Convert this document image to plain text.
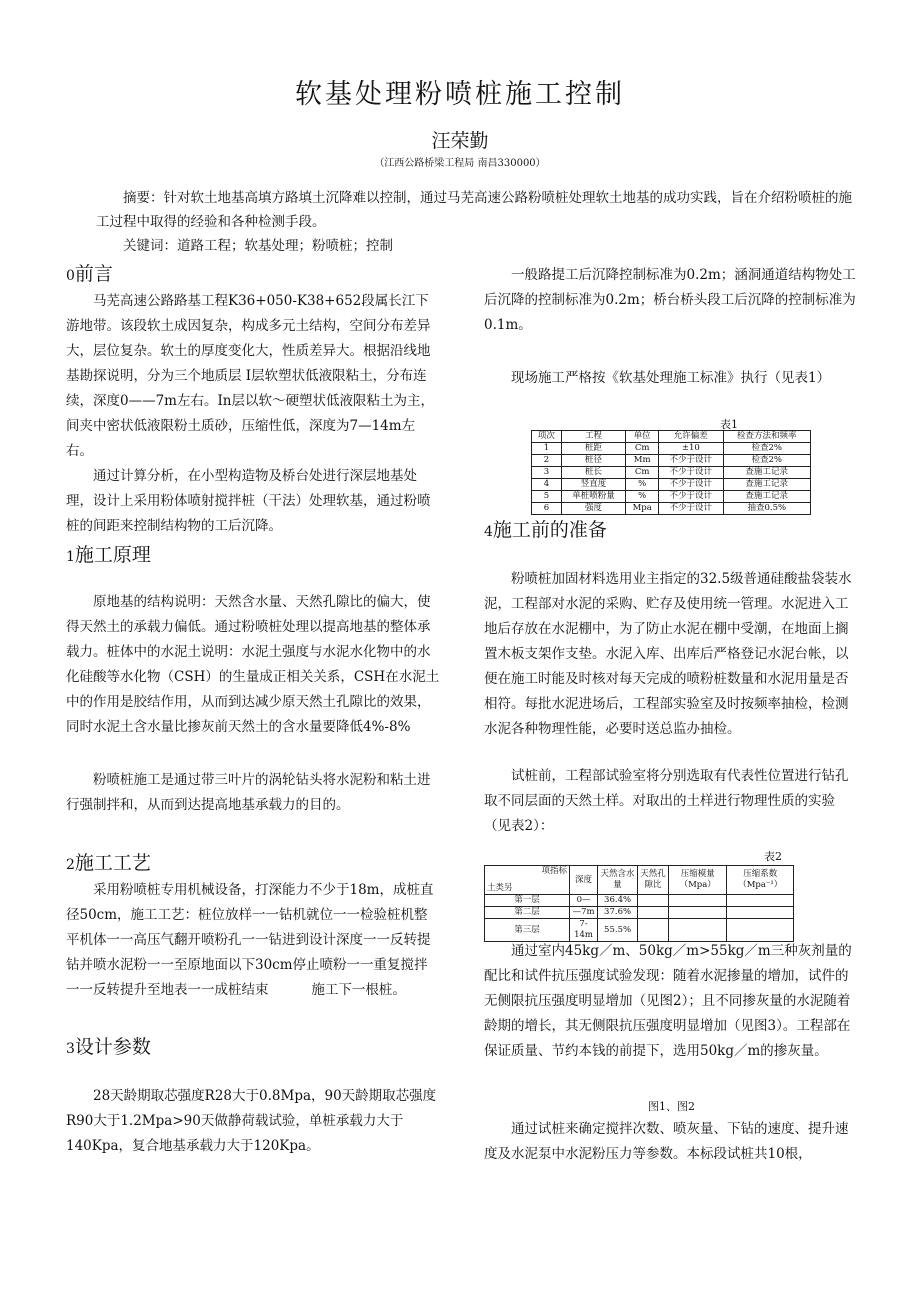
软基处理粉喷桩施工控制
汪荣勤
（江西公路桥梁工程局 南昌330000）

摘要：针对软土地基高填方路填土沉降难以控制，通过马芜高速公路粉喷桩处理软土地基的成功实践，旨在介绍粉喷桩的施工过程中取得的经验和各种检测手段。

关键词：道路工程；软基处理；粉喷桩；控制

0前言

马芜高速公路路基工程K36+050-K38+652段属长江下游地带。该段软土成因复杂，构成多元土结构，空间分布差异大，层位复杂。软土的厚度变化大，性质差异大。根据沿线地基勘探说明，分为三个地质层 I层软塑状低液限粘土，分布连续，深度0——7m左右。In层以软～硬塑状低液限粘土为主，间夹中密状低液限粉土质砂，压缩性低，深度为7—14m左右。

通过计算分析，在小型构造物及桥台处进行深层地基处理，设计上采用粉体喷射搅拌桩（干法）处理软基，通过粉喷桩的间距来控制结构物的工后沉降。

1施工原理

原地基的结构说明：天然含水量、天然孔隙比的偏大，使得天然土的承载力偏低。通过粉喷桩处理以提高地基的整体承载力。桩体中的水泥土说明：水泥土强度与水泥水化物中的水化硅酸等水化物（CSH）的生量成正相关关系，CSH在水泥土中的作用是胶结作用，从而到达减少原天然土孔隙比的效果，同时水泥土含水量比掺灰前天然土的含水量要降低4%-8%

粉喷桩施工是通过带三叶片的涡轮钻头将水泥粉和粘土进行强制拌和，从而到达提高地基承载力的目的。

2施工工艺

采用粉喷桩专用机械设备，打深能力不少于18m，成桩直径50cm，施工工艺：桩位放样一一钻机就位一一检验桩机整平机体一一高压气翻开喷粉孔一一钻进到设计深度一一反转提钻并喷水泥粉一一至原地面以下30cm停止喷粉一一重复搅拌一一反转提升至地表一一成桩结束	施工下一根桩。

3设计参数

28天龄期取芯强度R28大于0.8Mpa，90天龄期取芯强度R90大于1.2Mpa>90天做静荷载试验，单桩承载力大于140Kpa，复合地基承载力大于120Kpa。

一般路提工后沉降控制标准为0.2m；涵洞通道结构物处工后沉降的控制标准为0.2m；桥台桥头段工后沉降的控制标准为0.1m。

现场施工严格按《软基处理施工标准》执行（见表1）

表1
项次	工程	单位	允许偏差	检查方法和频率
1	桩距	Cm	±10	检查2%
2	桩径	Mm	不少于设计	检查2%
3	桩长	Cm	不少于设计	查施工记录
4	竖直度	%	不少于设计	查施工记录
5	单桩喷粉量	%	不少于设计	查施工记录
6	强度	Mpa	不少于设计	抽查0.5%
4施工前的准备

粉喷桩加固材料选用业主指定的32.5级普通硅酸盐袋装水泥，工程部对水泥的采购、贮存及使用统一管理。水泥进入工地后存放在水泥棚中，为了防止水泥在棚中受潮，在地面上搁置木板支架作支垫。水泥入库、出库后严格登记水泥台帐，以便在施工时能及时核对每天完成的喷粉桩数量和水泥用量是否相符。每批水泥进场后，工程部实验室及时按频率抽检，检测水泥各种物理性能，必要时送总监办抽检。

试桩前，工程部试验室将分别选取有代表性位置进行钻孔取不同层面的天然土样。对取出的土样进行物理性质的实验（见表2）：

表2
项指标
土类另	深度	天然含水量	天然孔隙比	压缩模量（Mpa）	压缩系数（Mpa⁻¹）
第一层	0—	36.4%			
第二层	—7m	37.6%			
第三层	7-14m	55.5%			

通过室内45kg／m、50kg／m>55kg／m三种灰剂量的配比和试件抗压强度试验发现：随着水泥掺量的增加，试件的无侧限抗压强度明显增加（见图2）；且不同掺灰量的水泥随着龄期的增长，其无侧限抗压强度明显增加（见图3）。工程部在保证质量、节约本钱的前提下，选用50kg／m的掺灰量。

图1、图2

通过试桩来确定搅拌次数、喷灰量、下钻的速度、提升速度及水泥泵中水泥粉压力等参数。本标段试桩共10根，
